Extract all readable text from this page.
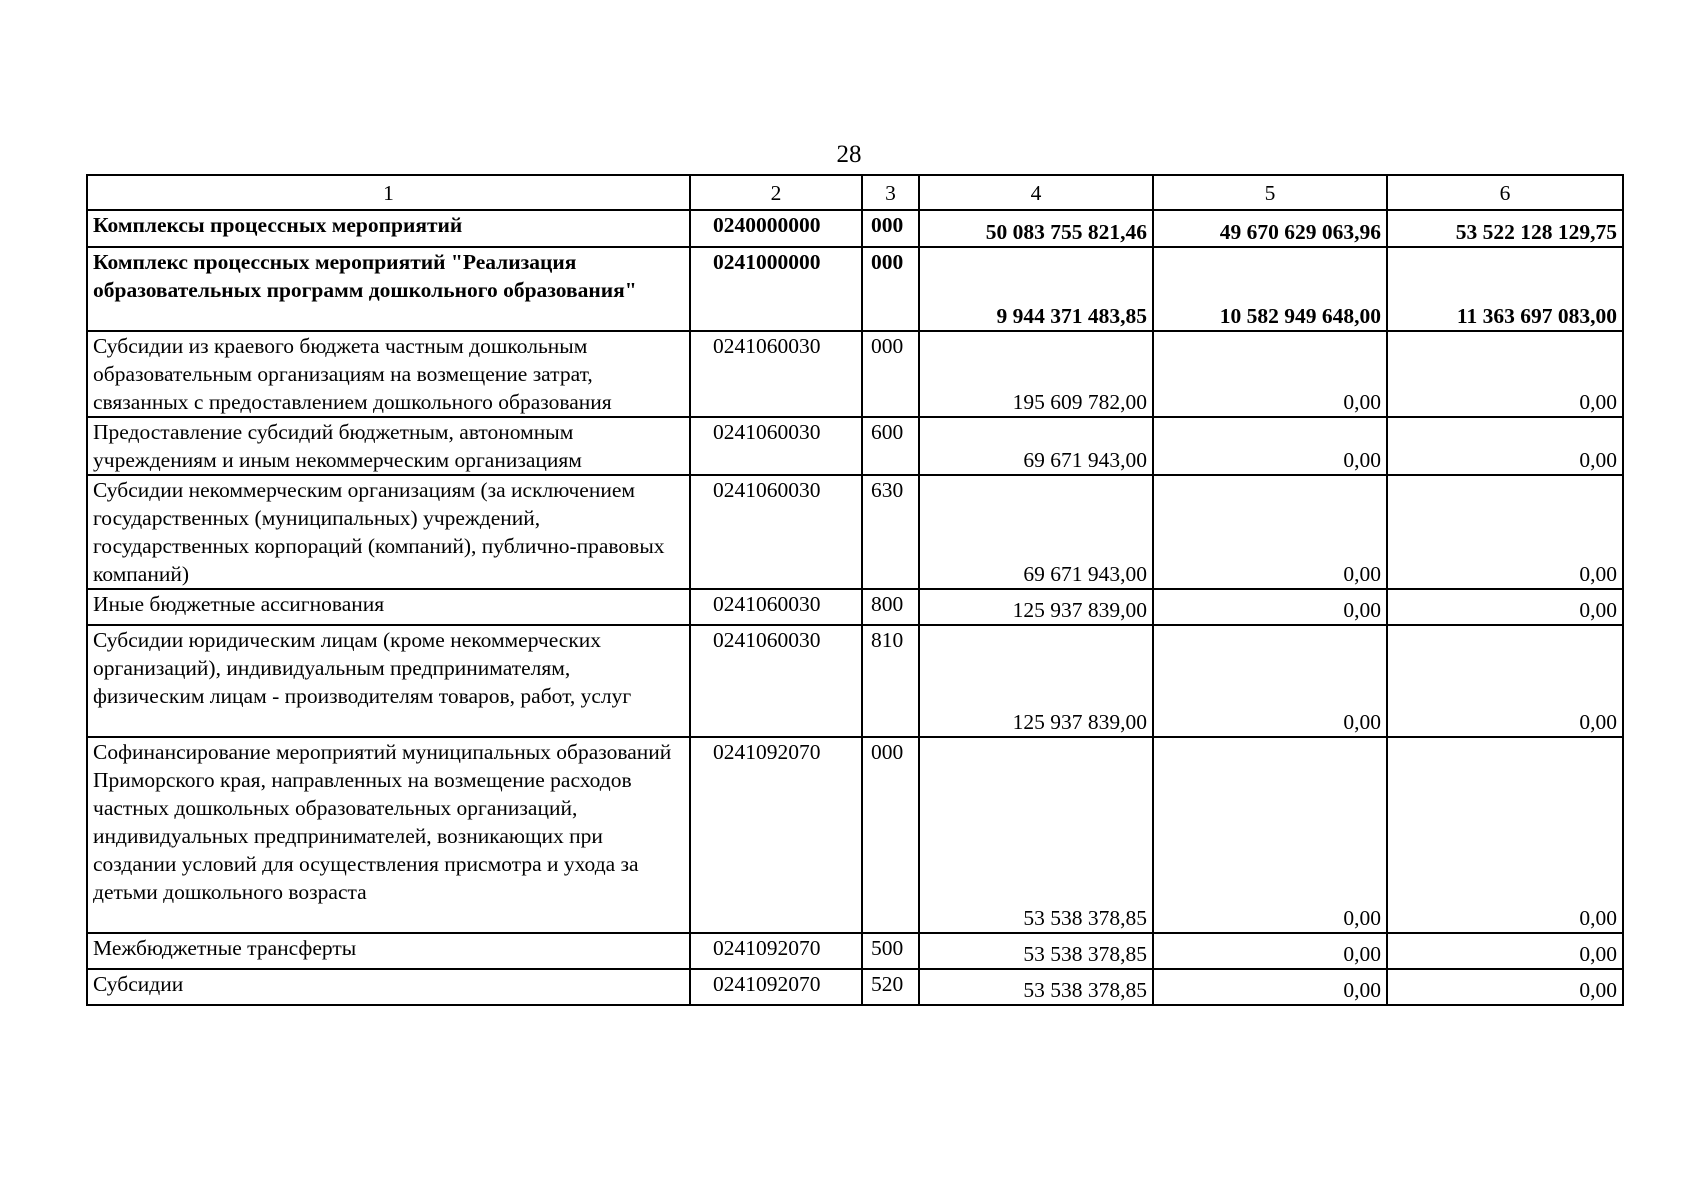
28
1	2	3	4	5	6
Комплексы процессных мероприятий	0240000000	000	50 083 755 821,46	49 670 629 063,96	53 522 128 129,75
Комплекс процессных мероприятий "Реализация образовательных программ дошкольного образования"	0241000000	000	9 944 371 483,85	10 582 949 648,00	11 363 697 083,00
Субсидии из краевого бюджета частным дошкольным образовательным организациям на возмещение затрат, связанных с предоставлением дошкольного образования	0241060030	000	195 609 782,00	0,00	0,00
Предоставление субсидий бюджетным, автономным учреждениям и иным некоммерческим организациям	0241060030	600	69 671 943,00	0,00	0,00
Субсидии некоммерческим организациям (за исключением государственных (муниципальных) учреждений, государственных корпораций (компаний), публично-правовых компаний)	0241060030	630	69 671 943,00	0,00	0,00
Иные бюджетные ассигнования	0241060030	800	125 937 839,00	0,00	0,00
Субсидии юридическим лицам (кроме некоммерческих организаций), индивидуальным предпринимателям, физическим лицам - производителям товаров, работ, услуг	0241060030	810	125 937 839,00	0,00	0,00
Софинансирование мероприятий муниципальных образований Приморского края, направленных на возмещение расходов частных дошкольных образовательных организаций, индивидуальных предпринимателей, возникающих при создании условий для осуществления присмотра и ухода за детьми дошкольного возраста	0241092070	000	53 538 378,85	0,00	0,00
Межбюджетные трансферты	0241092070	500	53 538 378,85	0,00	0,00
Субсидии	0241092070	520	53 538 378,85	0,00	0,00
